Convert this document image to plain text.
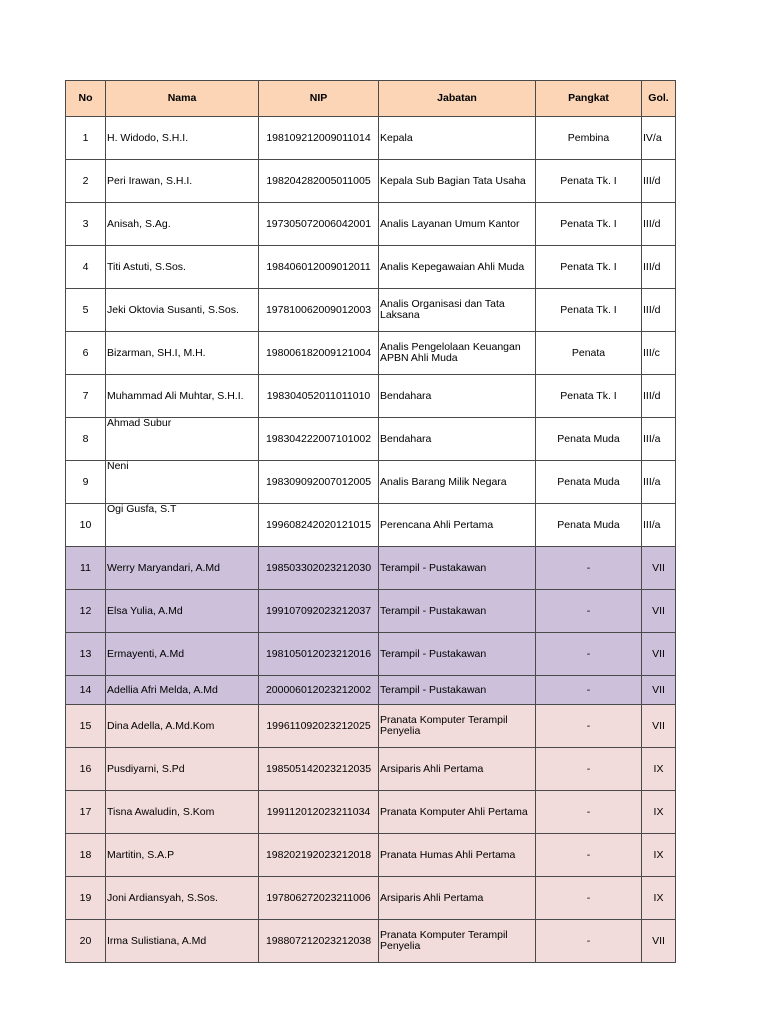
No	Nama	NIP	Jabatan	Pangkat	Gol.
1	H. Widodo, S.H.I.	198109212009011014	Kepala	Pembina	IV/a
2	Peri Irawan, S.H.I.	198204282005011005	Kepala Sub Bagian Tata Usaha	Penata Tk. I	III/d
3	Anisah, S.Ag.	197305072006042001	Analis Layanan Umum Kantor	Penata Tk. I	III/d
4	Titi Astuti, S.Sos.	198406012009012011	Analis Kepegawaian Ahli Muda	Penata Tk. I	III/d
5	Jeki Oktovia Susanti, S.Sos.	197810062009012003	Analis Organisasi dan Tata Laksana	Penata Tk. I	III/d
6	Bizarman, SH.I, M.H.	198006182009121004	Analis Pengelolaan Keuangan APBN Ahli Muda	Penata	III/c
7	Muhammad Ali Muhtar, S.H.I.	198304052011011010	Bendahara	Penata Tk. I	III/d
8	Ahmad Subur	198304222007101002	Bendahara	Penata Muda	III/a
9	Neni	198309092007012005	Analis Barang Milik Negara	Penata Muda	III/a
10	Ogi Gusfa, S.T	199608242020121015	Perencana Ahli Pertama	Penata Muda	III/a
11	Werry Maryandari, A.Md	198503302023212030	Terampil - Pustakawan	-	VII
12	Elsa Yulia, A.Md	199107092023212037	Terampil - Pustakawan	-	VII
13	Ermayenti, A.Md	198105012023212016	Terampil - Pustakawan	-	VII
14	Adellia Afri Melda, A.Md	200006012023212002	Terampil - Pustakawan	-	VII
15	Dina Adella, A.Md.Kom	199611092023212025	Pranata Komputer Terampil Penyelia	-	VII
16	Pusdiyarni, S.Pd	198505142023212035	Arsiparis Ahli Pertama	-	IX
17	Tisna Awaludin, S.Kom	199112012023211034	Pranata Komputer Ahli Pertama	-	IX
18	Martitin, S.A.P	198202192023212018	Pranata Humas Ahli Pertama	-	IX
19	Joni Ardiansyah, S.Sos.	197806272023211006	Arsiparis Ahli Pertama	-	IX
20	Irma Sulistiana, A.Md	198807212023212038	Pranata Komputer Terampil Penyelia	-	VII
